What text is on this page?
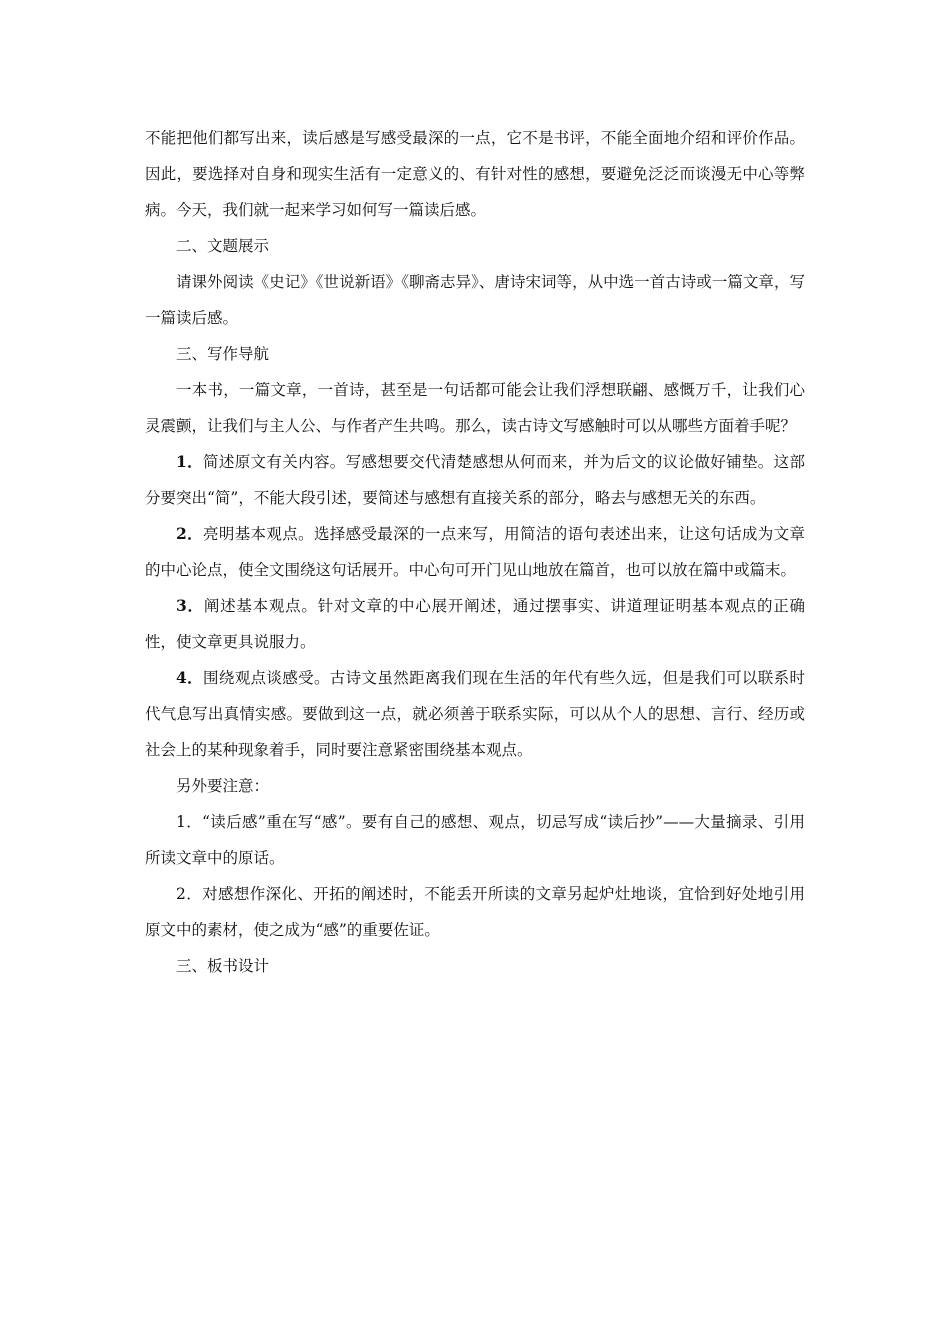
不能把他们都写出来，读后感是写感受最深的一点，它不是书评，不能全面地介绍和评价作品。因此，要选择对自身和现实生活有一定意义的、有针对性的感想，要避免泛泛而谈漫无中心等弊病。今天，我们就一起来学习如何写一篇读后感。

二、文题展示

请课外阅读《史记》《世说新语》《聊斋志异》、唐诗宋词等，从中选一首古诗或一篇文章，写一篇读后感。

三、写作导航

一本书，一篇文章，一首诗，甚至是一句话都可能会让我们浮想联翩、感慨万千，让我们心灵震颤，让我们与主人公、与作者产生共鸣。那么，读古诗文写感触时可以从哪些方面着手呢？

1．简述原文有关内容。写感想要交代清楚感想从何而来，并为后文的议论做好铺垫。这部分要突出“简”，不能大段引述，要简述与感想有直接关系的部分，略去与感想无关的东西。

2．亮明基本观点。选择感受最深的一点来写，用简洁的语句表述出来，让这句话成为文章的中心论点，使全文围绕这句话展开。中心句可开门见山地放在篇首，也可以放在篇中或篇末。

3．阐述基本观点。针对文章的中心展开阐述，通过摆事实、讲道理证明基本观点的正确性，使文章更具说服力。

4．围绕观点谈感受。古诗文虽然距离我们现在生活的年代有些久远，但是我们可以联系时代气息写出真情实感。要做到这一点，就必须善于联系实际，可以从个人的思想、言行、经历或社会上的某种现象着手，同时要注意紧密围绕基本观点。

另外要注意：

1．“读后感”重在写“感”。要有自己的感想、观点，切忌写成“读后抄”——大量摘录、引用所读文章中的原话。

2．对感想作深化、开拓的阐述时，不能丢开所读的文章另起炉灶地谈，宜恰到好处地引用原文中的素材，使之成为“感”的重要佐证。

三、板书设计
